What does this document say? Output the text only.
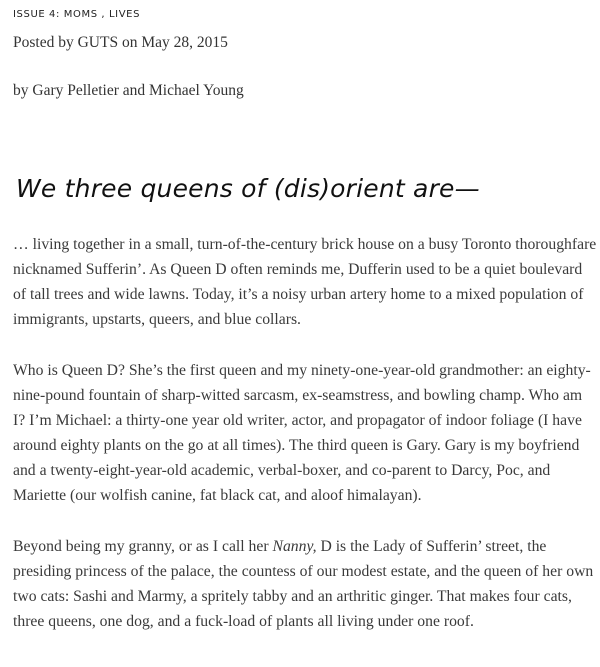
ISSUE 4: MOMS , LIVES
Posted by GUTS on May 28, 2015
by Gary Pelletier and Michael Young
We three queens of (dis)orient are—

… living together in a small, turn-of-the-century brick house on a busy Toronto thoroughfare nicknamed Sufferin’. As Queen D often reminds me, Dufferin used to be a quiet boulevard of tall trees and wide lawns. Today, it’s a noisy urban artery home to a mixed population of immigrants, upstarts, queers, and blue collars.

Who is Queen D? She’s the first queen and my ninety-one-year-old grandmother: an eighty-nine-pound fountain of sharp-witted sarcasm, ex-seamstress, and bowling champ. Who am I? I’m Michael: a thirty-one year old writer, actor, and propagator of indoor foliage (I have around eighty plants on the go at all times). The third queen is Gary. Gary is my boyfriend and a twenty-eight-year-old academic, verbal-boxer, and co-parent to Darcy, Poc, and Mariette (our wolfish canine, fat black cat, and aloof himalayan).

Beyond being my granny, or as I call her Nanny, D is the Lady of Sufferin’ street, the presiding princess of the palace, the countess of our modest estate, and the queen of her own two cats: Sashi and Marmy, a spritely tabby and an arthritic ginger. That makes four cats, three queens, one dog, and a fuck-load of plants all living under one roof.
